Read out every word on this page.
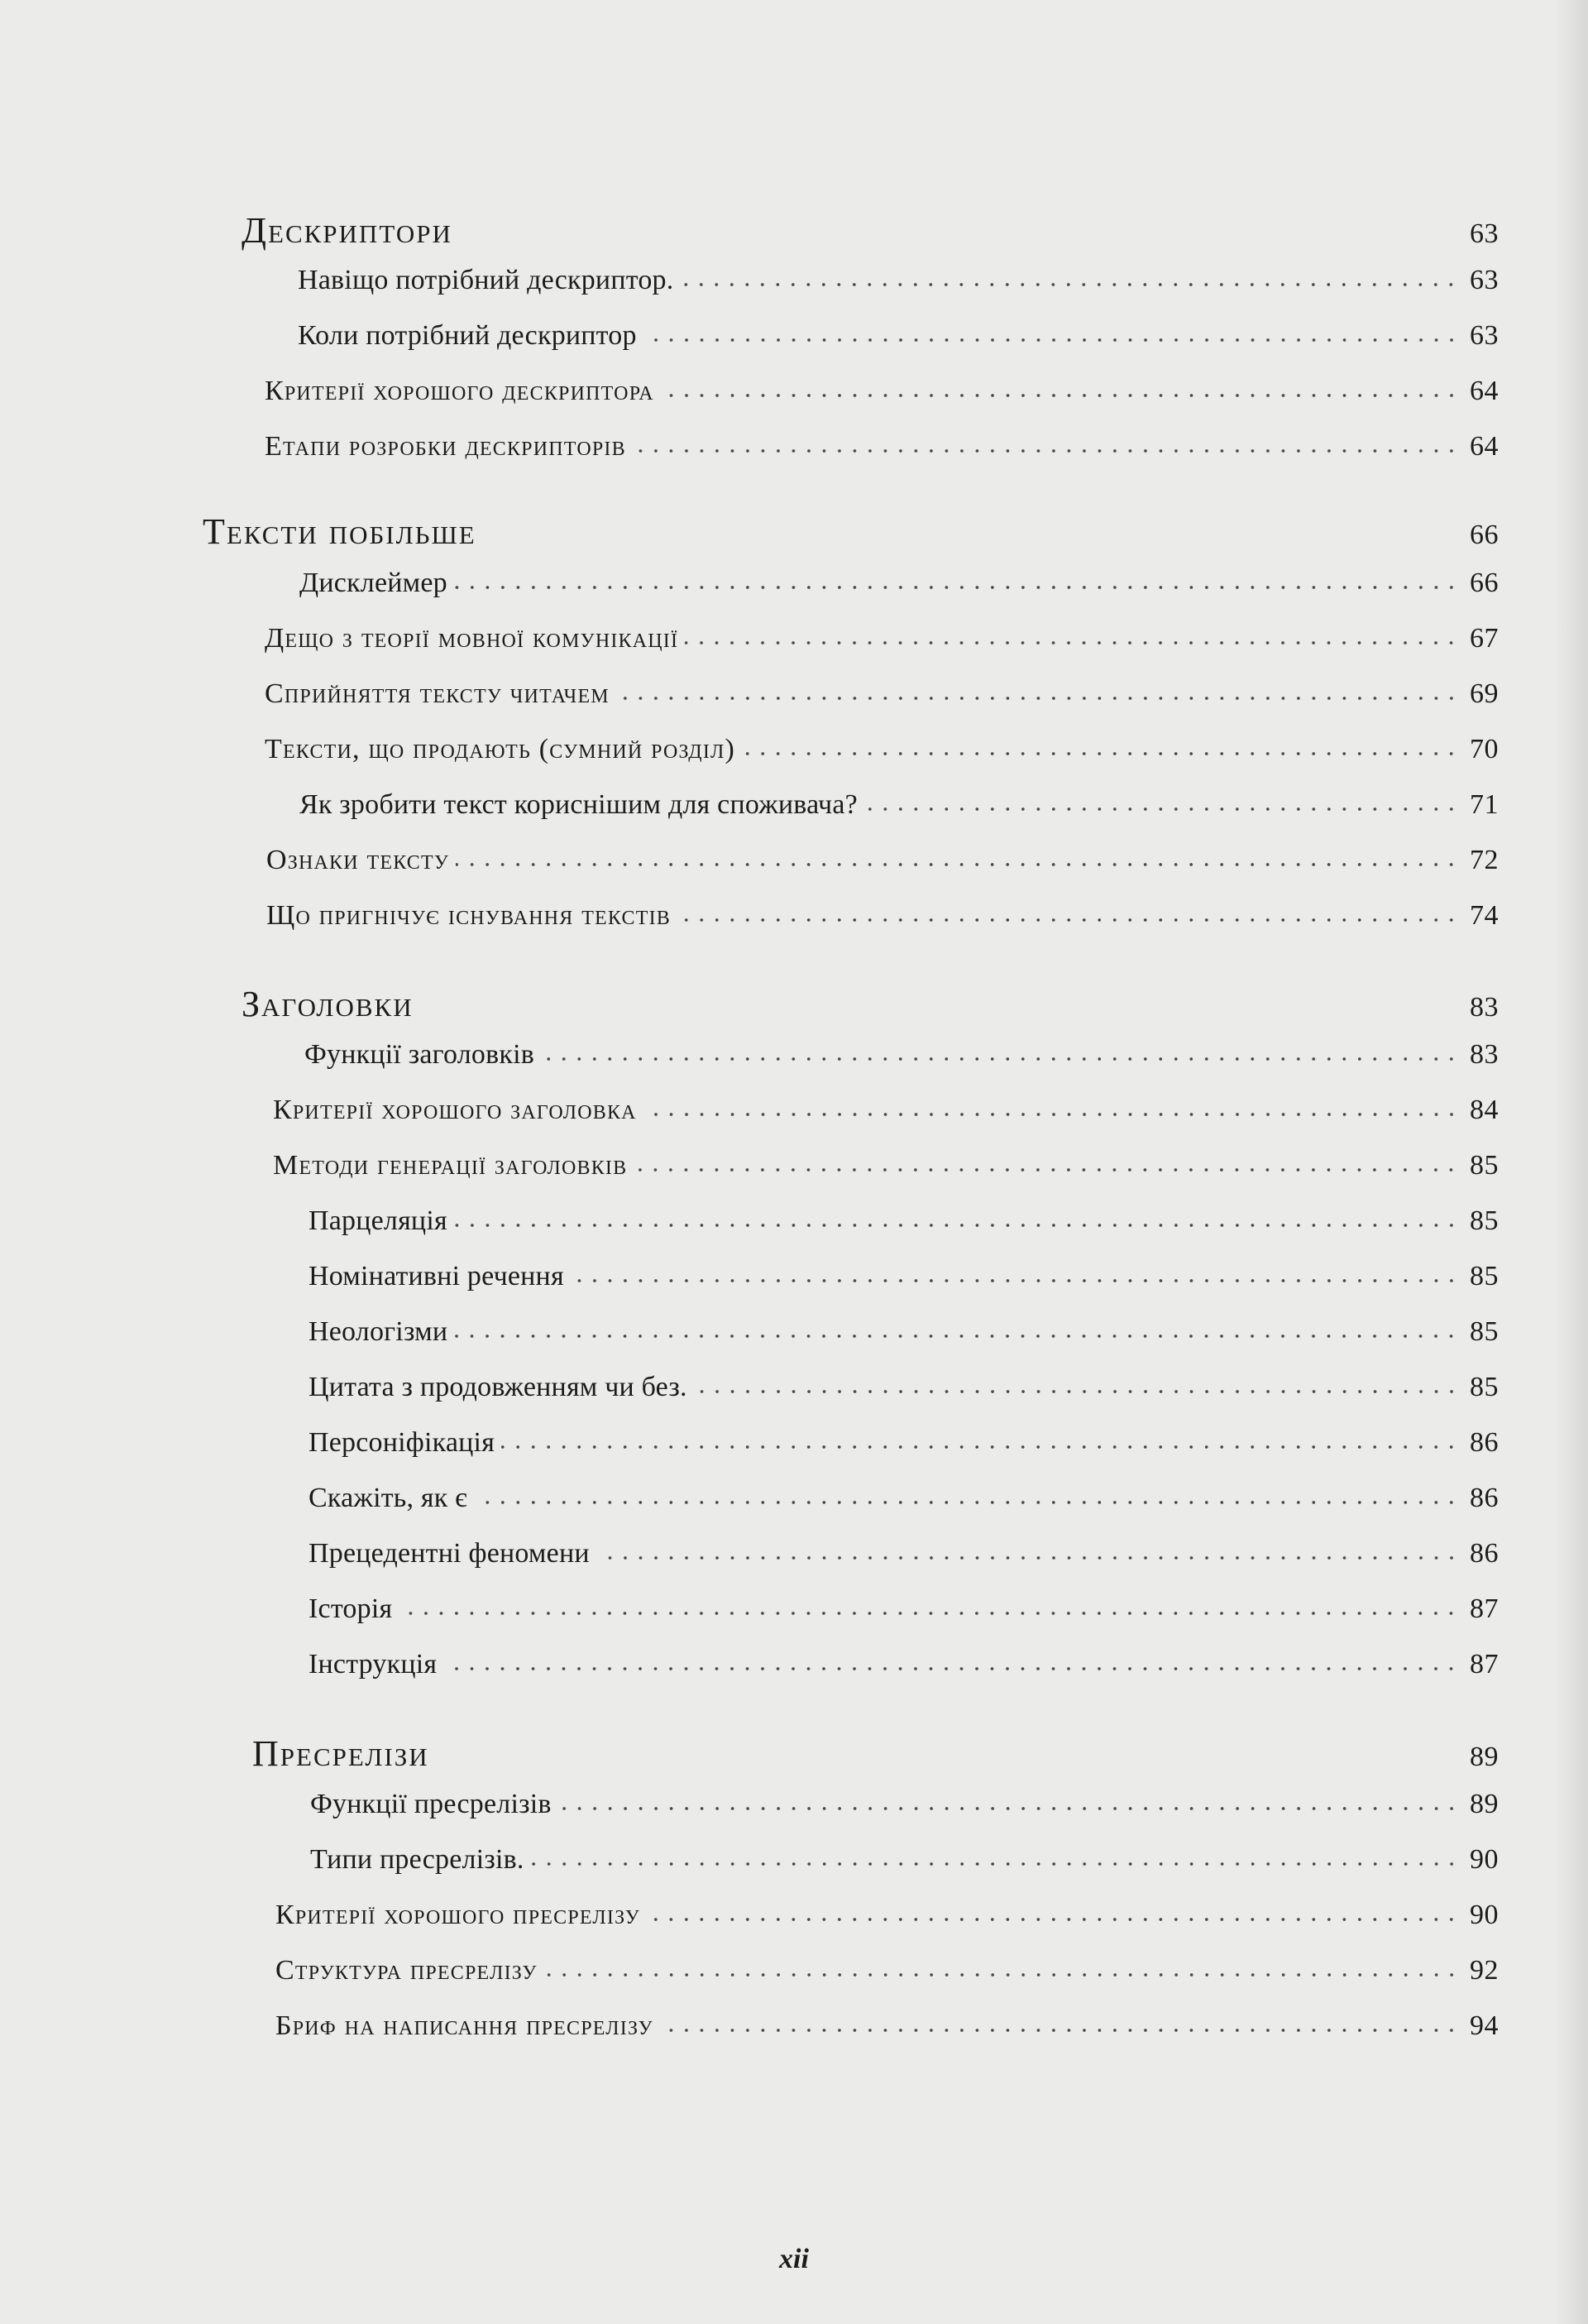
Дескриптори	63
Навіщо потрібний дескриптор.	63
Коли потрібний дескриптор	63
Критерії хорошого дескриптора	64
Етапи розробки дескрипторів	64
Тексти побільше	66
Дисклеймер	66
Дещо з теорії мовної комунікації	67
Сприйняття тексту читачем	69
Тексти, що продають (сумний розділ)	70
Як зробити текст кориснішим для споживача?	71
Ознаки тексту	72
Що пригнічує існування текстів	74
Заголовки	83
Функції заголовків	83
Критерії хорошого заголовка	84
Методи генерації заголовків	85
Парцеляція	85
Номінативні речення	85
Неологізми	85
Цитата з продовженням чи без.	85
Персоніфікація	86
Скажіть, як є	86
Прецедентні феномени	86
Історія	87
Інструкція	87
Пресрелізи	89
Функції пресрелізів	89
Типи пресрелізів.	90
Критерії хорошого пресрелізу	90
Структура пресрелізу	92
Бриф на написання пресрелізу	94
xii
